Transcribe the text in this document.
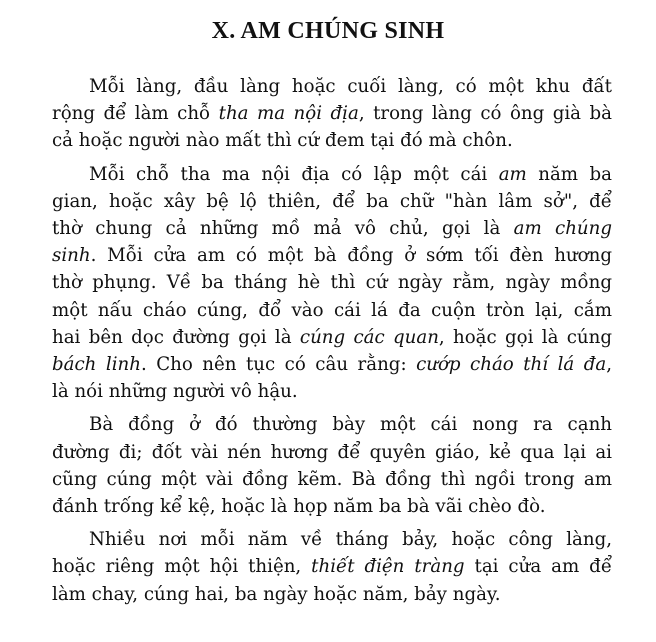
X. AM CHÚNG SINH
Mỗi làng, đầu làng hoặc cuối làng, có một khu đất
rộng để làm chỗ tha ma nội địa, trong làng có ông già bà
cả hoặc người nào mất thì cứ đem tại đó mà chôn.
Mỗi chỗ tha ma nội địa có lập một cái am năm ba
gian, hoặc xây bệ lộ thiên, để ba chữ "hàn lâm sở", để
thờ chung cả những mồ mả vô chủ, gọi là am chúng
sinh. Mỗi cửa am có một bà đồng ở sớm tối đèn hương
thờ phụng. Về ba tháng hè thì cứ ngày rằm, ngày mồng
một nấu cháo cúng, đổ vào cái lá đa cuộn tròn lại, cắm
hai bên dọc đường gọi là cúng các quan, hoặc gọi là cúng
bách linh. Cho nên tục có câu rằng: cướp cháo thí lá đa,
là nói những người vô hậu.
Bà đồng ở đó thường bày một cái nong ra cạnh
đường đi; đốt vài nén hương để quyên giáo, kẻ qua lại ai
cũng cúng một vài đồng kẽm. Bà đồng thì ngồi trong am
đánh trống kể kệ, hoặc là họp năm ba bà vãi chèo đò.
Nhiều nơi mỗi năm về tháng bảy, hoặc công làng,
hoặc riêng một hội thiện, thiết điện tràng tại cửa am để
làm chay, cúng hai, ba ngày hoặc năm, bảy ngày.
